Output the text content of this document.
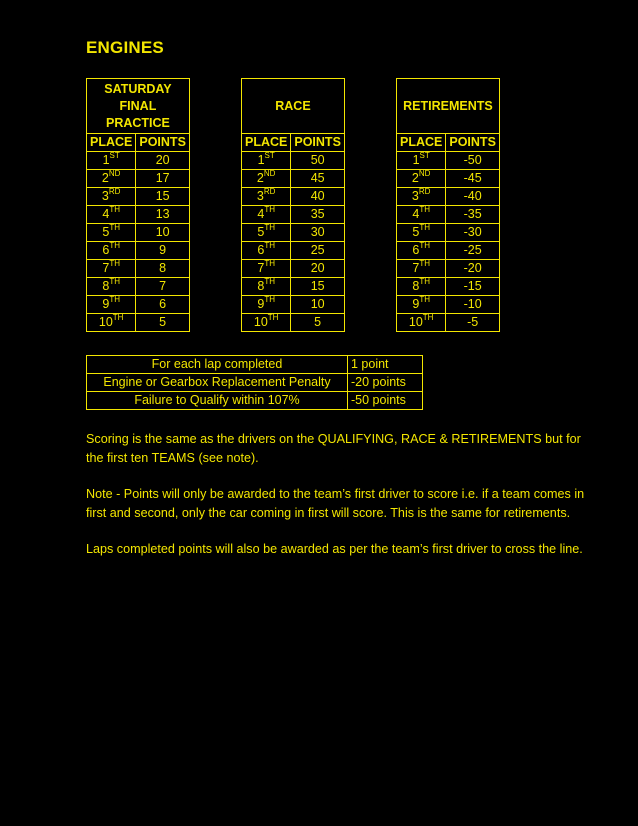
ENGINES
SATURDAY
FINAL
PRACTICE	

PLACE	POINTS
1ST	20
2ND	17
3RD	15
4TH	13
5TH	10
6TH	9
7TH	8
8TH	7
9TH	6
10TH	5
RACE	

PLACE	POINTS
1ST	50
2ND	45
3RD	40
4TH	35
5TH	30
6TH	25
7TH	20
8TH	15
9TH	10
10TH	5
RETIREMENTS	

PLACE	POINTS
1ST	-50
2ND	-45
3RD	-40
4TH	-35
5TH	-30
6TH	-25
7TH	-20
8TH	-15
9TH	-10
10TH	-5
For each lap completed	1 point
Engine or Gearbox Replacement Penalty	-20 points
Failure to Qualify within 107%	-50 points

Scoring is the same as the drivers on the QUALIFYING, RACE & RETIREMENTS but for the first ten TEAMS (see note).

Note - Points will only be awarded to the team’s first driver to score i.e. if a team comes in first and second, only the car coming in first will score. This is the same for retirements.

Laps completed points will also be awarded as per the team’s first driver to cross the line.
